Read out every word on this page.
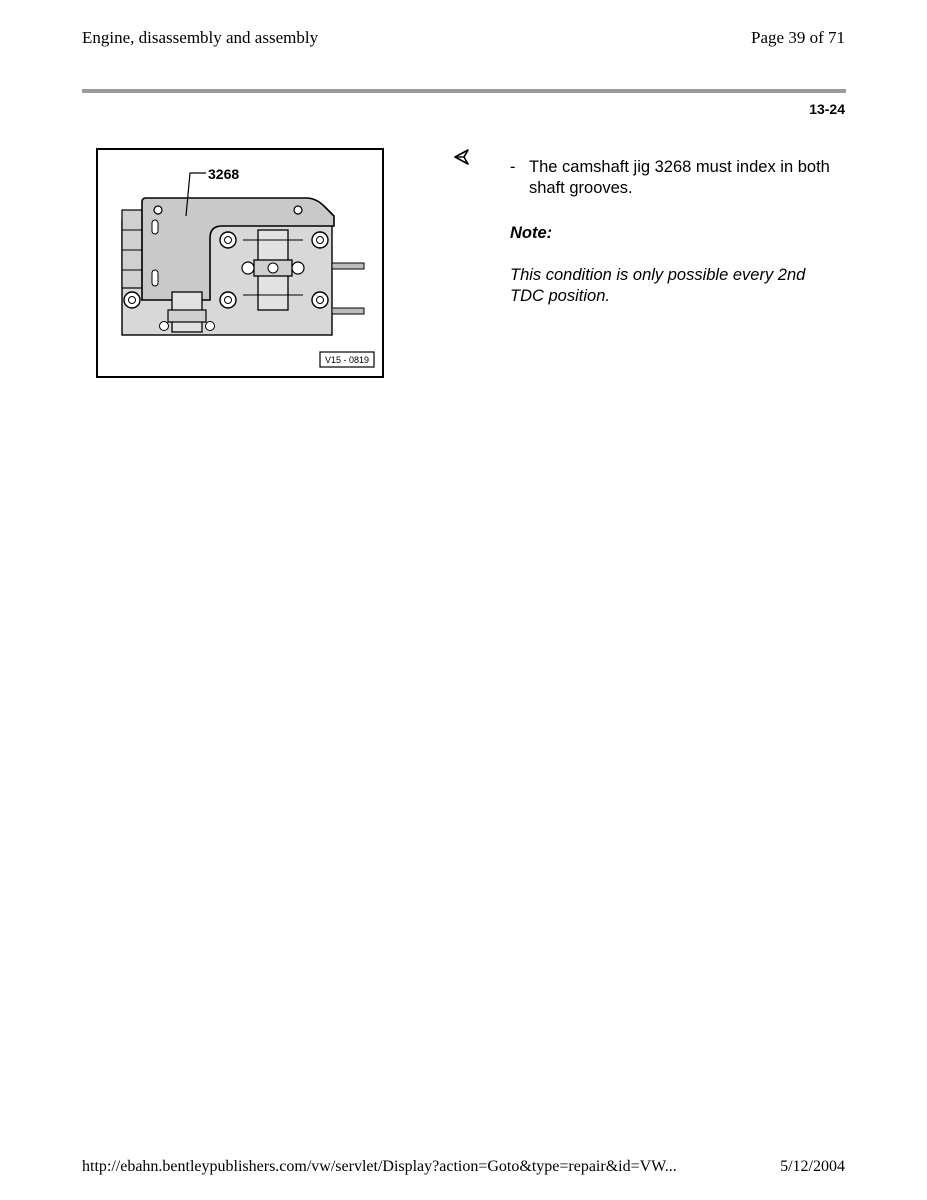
Engine, disassembly and assembly	Page 39 of 71
13-24
3268
V15 - 0819
- The camshaft jig 3268 must index in both shaft grooves.
Note:
This condition is only possible every 2nd TDC position.
http://ebahn.bentleypublishers.com/vw/servlet/Display?action=Goto&type=repair&id=VW...	5/12/2004
